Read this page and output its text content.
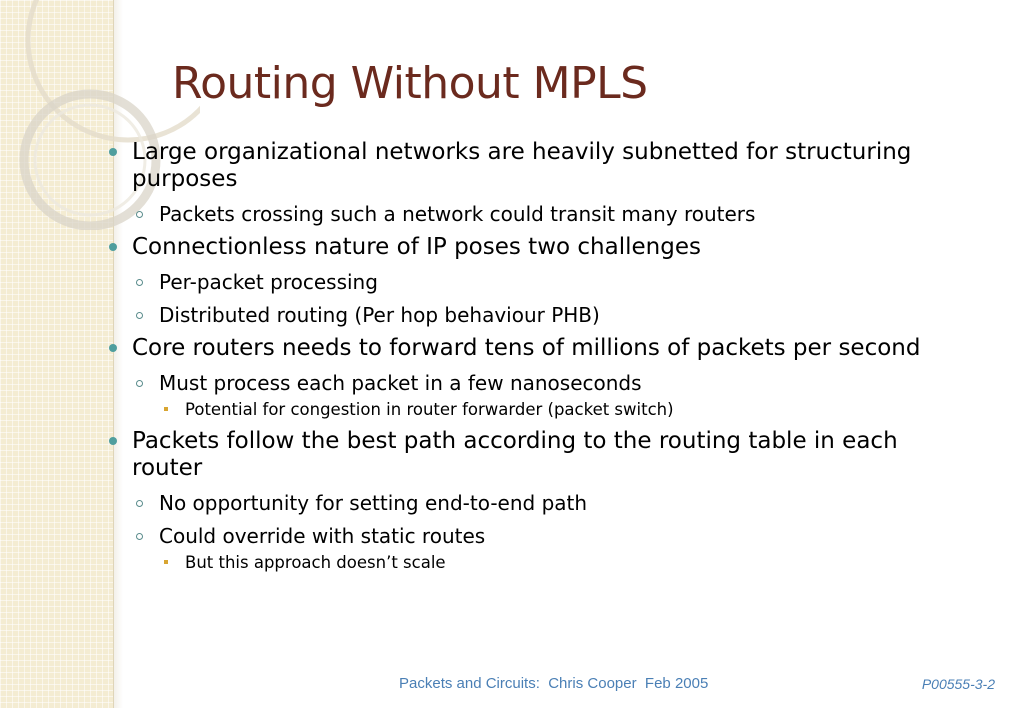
Routing Without MPLS
Large organizational networks are heavily subnetted for structuring purposes
Packets crossing such a network could transit many routers
Connectionless nature of IP poses two challenges
Per-packet processing
Distributed routing (Per hop behaviour PHB)
Core routers needs to forward tens of millions of packets per second
Must process each packet in a few nanoseconds
Potential for congestion in router forwarder (packet switch)
Packets follow the best path according to the routing table in each router
No opportunity for setting end-to-end path
Could override with static routes
But this approach doesn’t scale
Packets and Circuits:  Chris Cooper  Feb 2005	P00555-3-2
